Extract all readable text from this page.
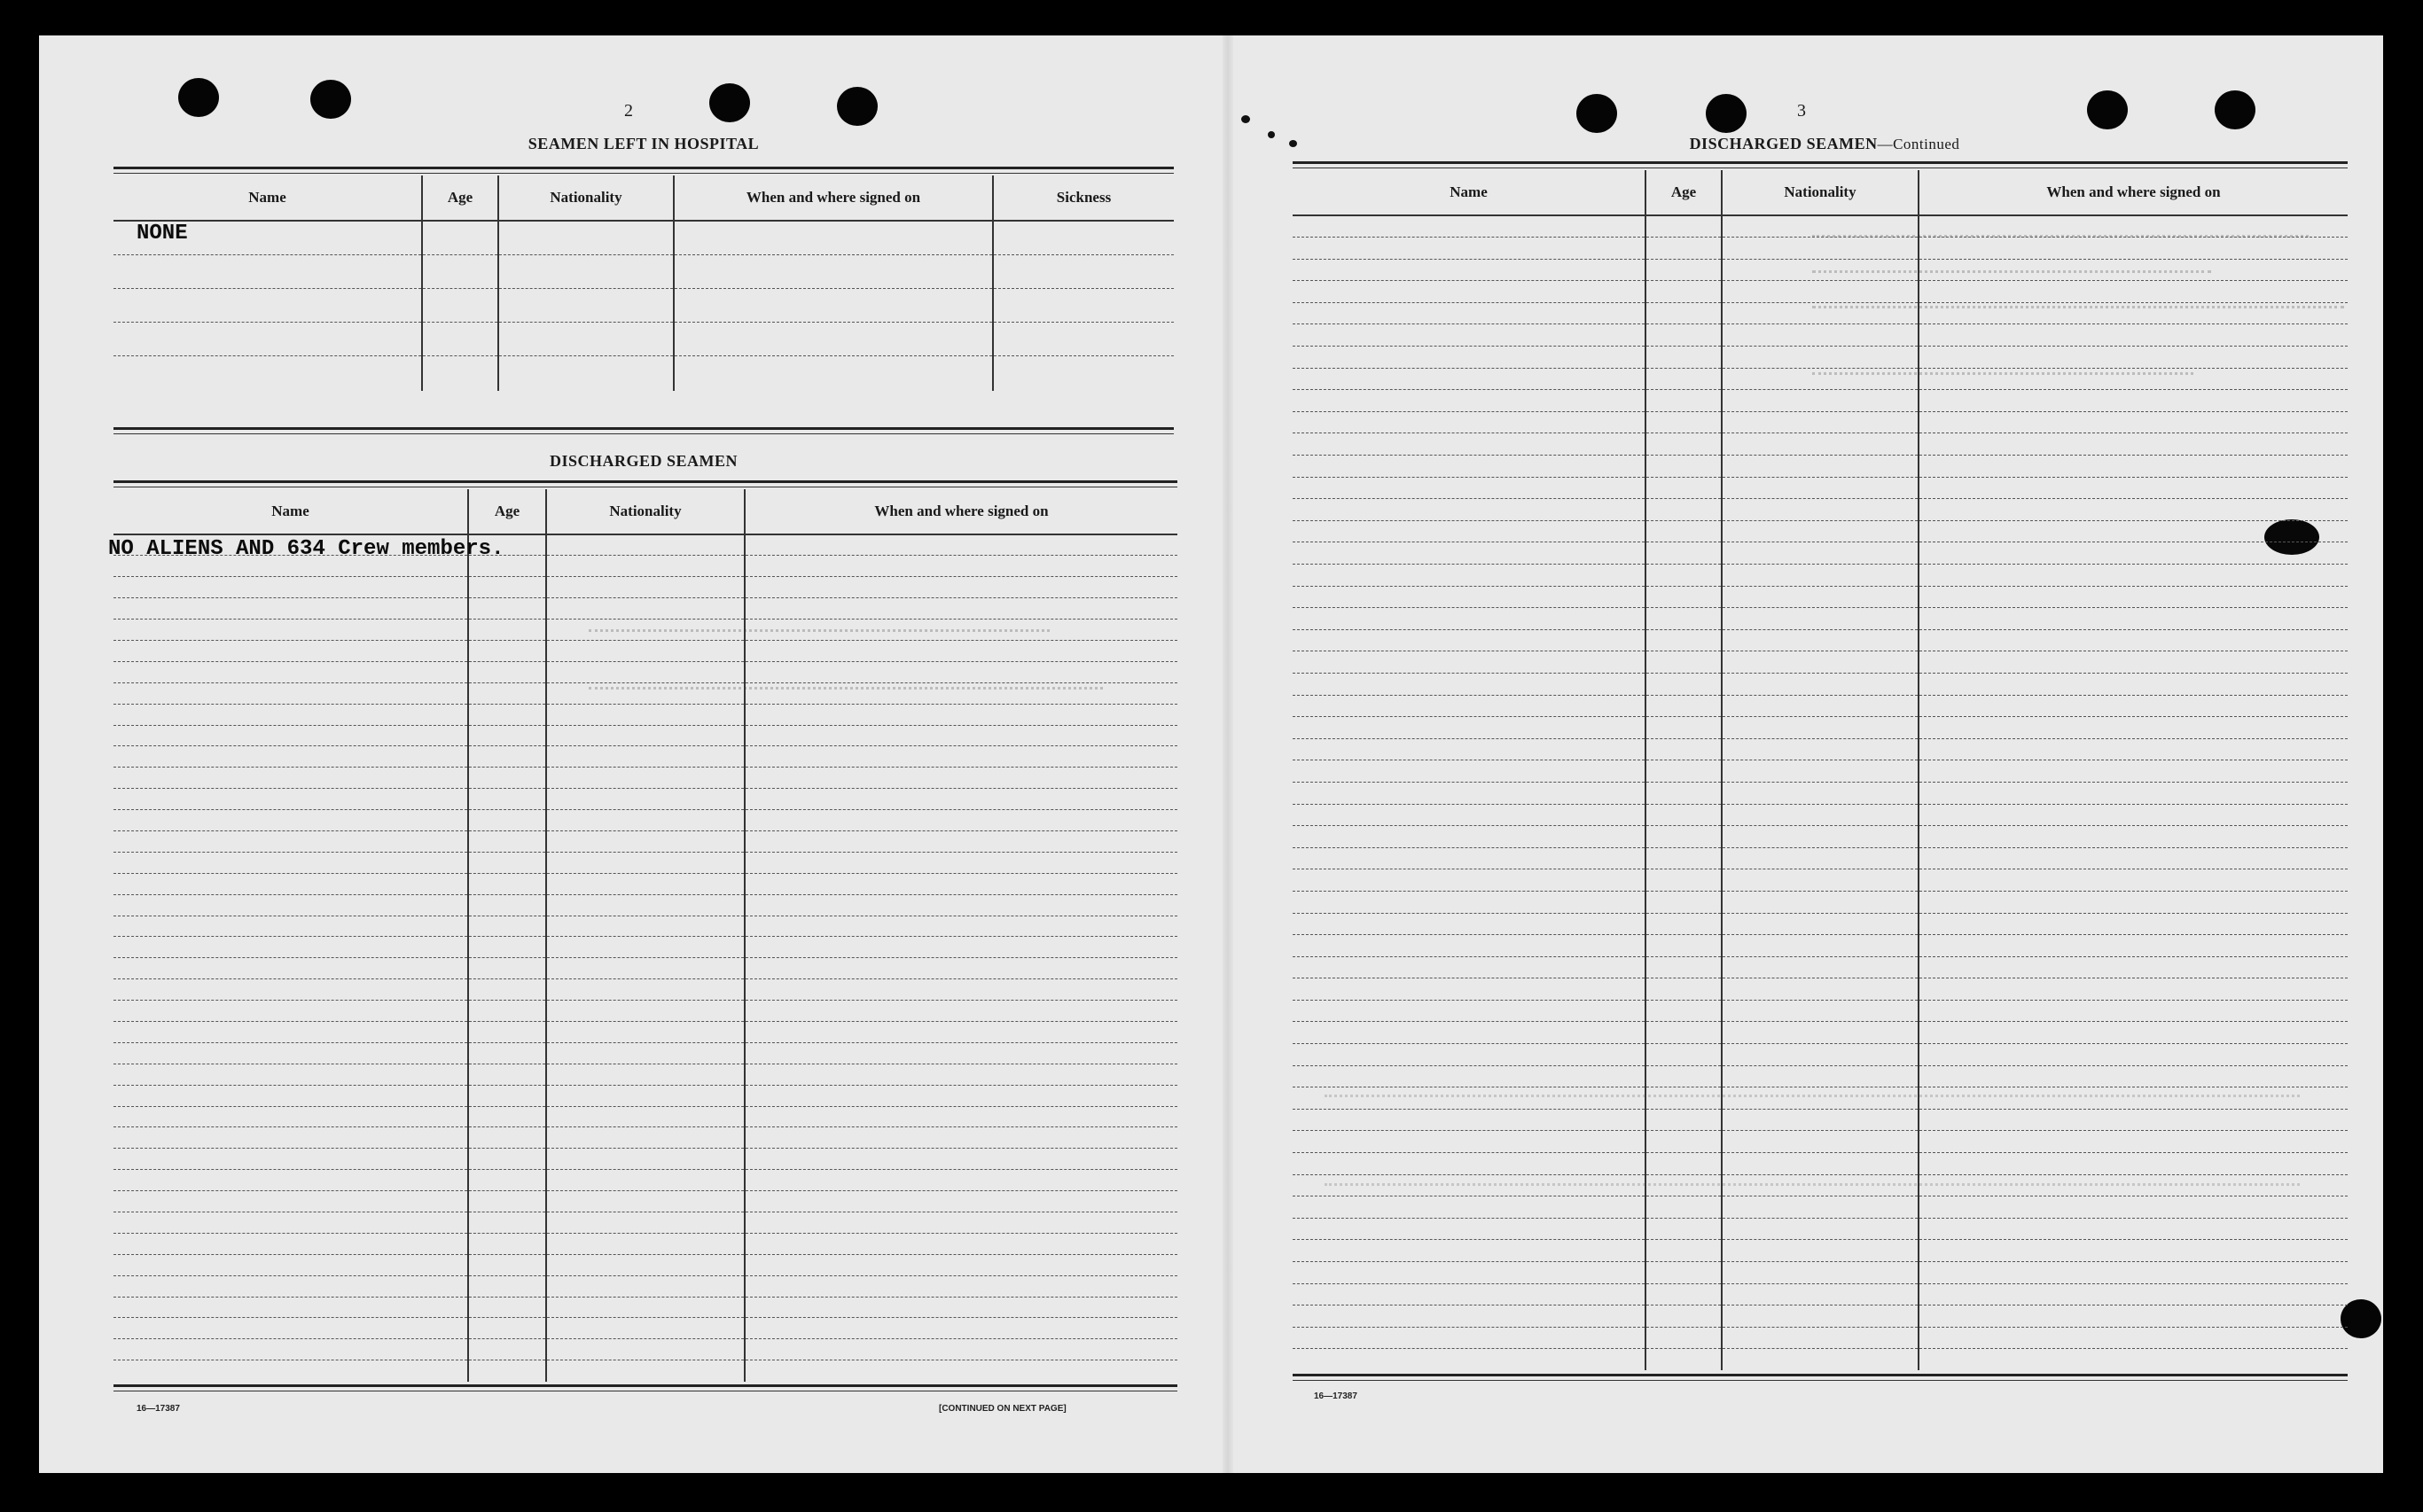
2
SEAMEN LEFT IN HOSPITAL
Name	Age	Nationality	When and where signed on	Sickness

NONE
DISCHARGED SEAMEN
Name	Age	Nationality	When and where signed on

NO ALIENS AND 634 Crew members.
16—17387	[CONTINUED ON NEXT PAGE]
3
DISCHARGED SEAMEN—Continued
Name	Age	Nationality	When and where signed on

16—17387
